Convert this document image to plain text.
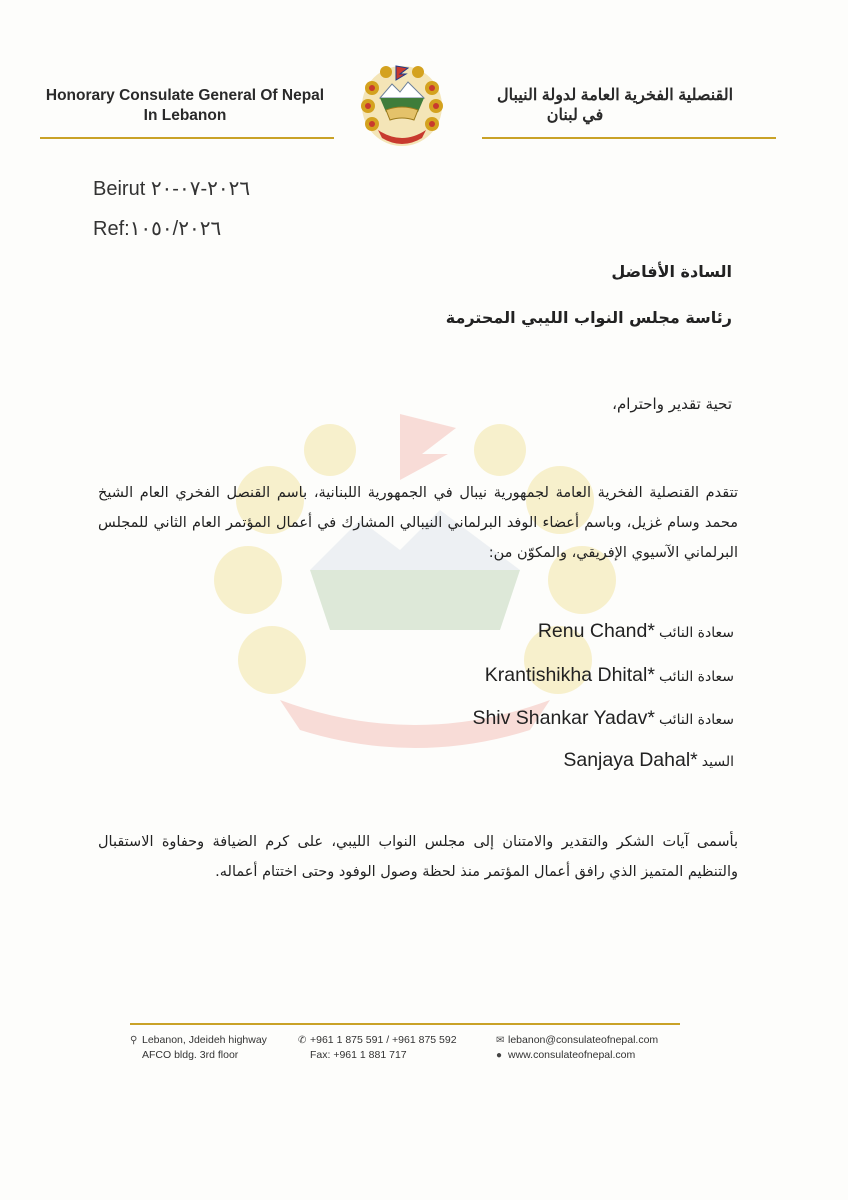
Honorary Consulate General Of Nepal
In Lebanon
القنصلية الفخرية العامة لدولة النيبال
في لبنان
Beirut ٢٠٢٦-٠٧-٢٠
Ref:١٠٥٠/٢٠٢٦
السادة الأفاضل
رئاسة مجلس النواب الليبي المحترمة
تحية تقدير واحترام،
تتقدم القنصلية الفخرية العامة لجمهورية نيبال في الجمهورية اللبنانية، باسم القنصل الفخري العام الشيخ محمد وسام غزيل، وباسم أعضاء الوفد البرلماني النيبالي المشارك في أعمال المؤتمر العام الثاني للمجلس البرلماني الآسيوي الإفريقي، والمكوّن من:
سعادة النائب
Renu Chand*
سعادة النائب
Krantishikha Dhital*
سعادة النائب
Shiv Shankar Yadav*
السيد
Sanjaya Dahal*
بأسمى آيات الشكر والتقدير والامتنان إلى مجلس النواب الليبي، على كرم الضيافة وحفاوة الاستقبال والتنظيم المتميز الذي رافق أعمال المؤتمر منذ لحظة وصول الوفود وحتى اختتام أعماله.
⚲ Lebanon, Jdeideh highway
AFCO bldg. 3rd floor
✆ +961 1 875 591 / +961 875 592
Fax: +961 1 881 717
✉ lebanon@consulateofnepal.com
● www.consulateofnepal.com
